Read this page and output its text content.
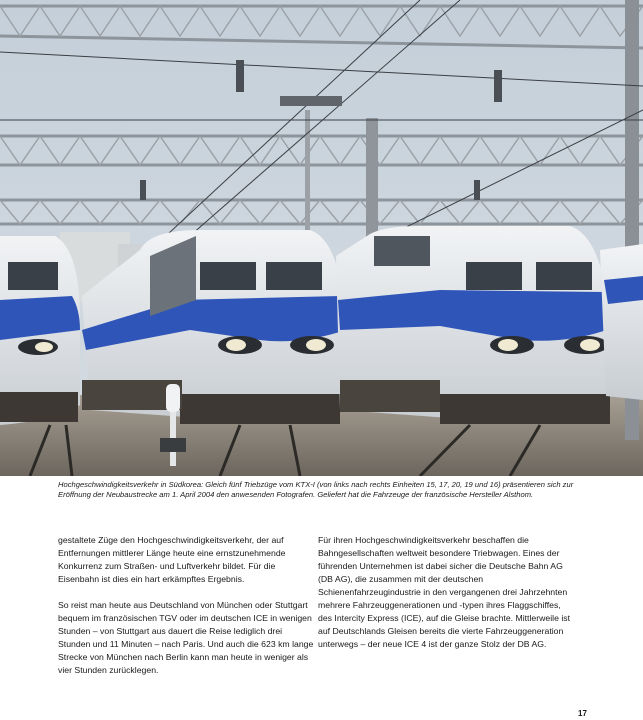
Hochgeschwindigkeitsverkehr in Südkorea: Gleich fünf Triebzüge vom KTX-I (von links nach rechts Einheiten 15, 17, 20, 19 und 16) präsentieren sich zur Eröffnung der Neubaustrecke am 1. April 2004 den anwesenden Fotografen. Geliefert hat die Fahrzeuge der französische Hersteller Alsthom.

gestaltete Züge den Hochgeschwindigkeitsverkehr, der auf Entfernungen mittlerer Länge heute eine ernstzunehmende Konkurrenz zum Straßen- und Luftverkehr bildet. Für die Eisenbahn ist dies ein hart erkämpftes Ergebnis.

So reist man heute aus Deutschland von München oder Stuttgart bequem im französischen TGV oder im deutschen ICE in wenigen Stunden – von Stuttgart aus dauert die Reise lediglich drei Stunden und 11 Minuten – nach Paris. Und auch die 623 km lange Strecke von München nach Berlin kann man heute in weniger als vier Stunden zurücklegen.

Für ihren Hochgeschwindigkeitsverkehr beschaffen die Bahngesellschaften weltweit besondere Triebwagen. Eines der führenden Unternehmen ist dabei sicher die Deutsche Bahn AG (DB AG), die zusammen mit der deutschen Schienenfahrzeugindustrie in den vergangenen drei Jahrzehnten mehrere Fahrzeuggenerationen und -typen ihres Flaggschiffes, des Intercity Express (ICE), auf die Gleise brachte. Mittlerweile ist auf Deutschlands Gleisen bereits die vierte Fahrzeuggeneration unterwegs – der neue ICE 4 ist der ganze Stolz der DB AG.

17
